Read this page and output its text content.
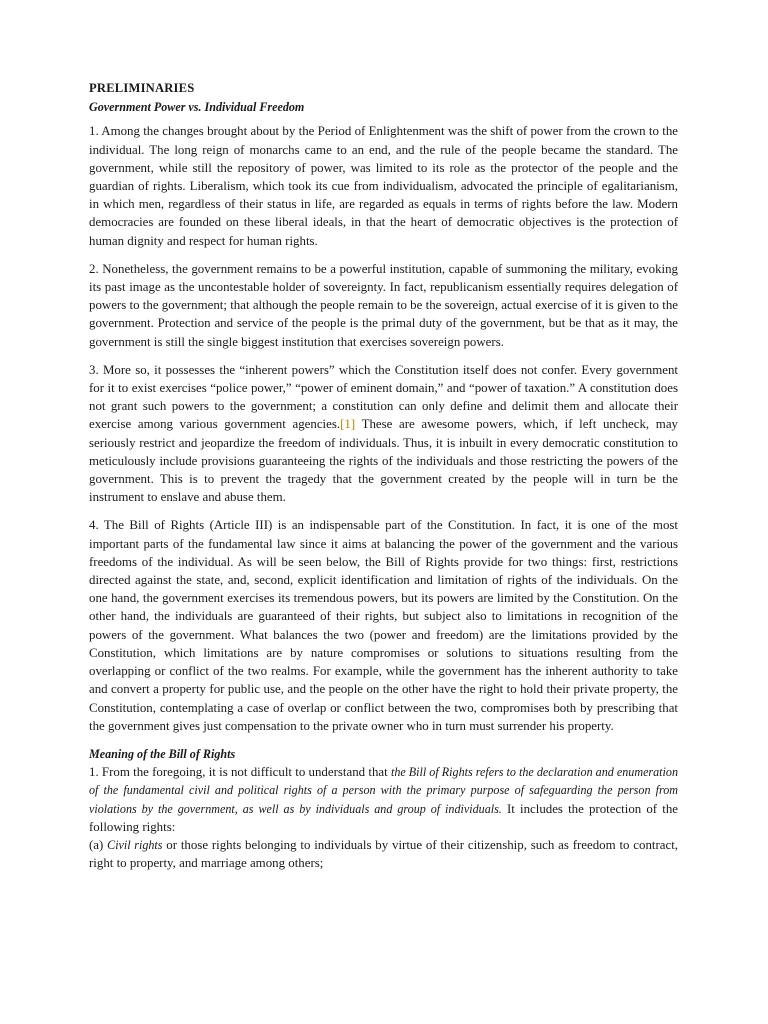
PRELIMINARIES

Government Power vs. Individual Freedom

1. Among the changes brought about by the Period of Enlightenment was the shift of power from the crown to the individual. The long reign of monarchs came to an end, and the rule of the people became the standard. The government, while still the repository of power, was limited to its role as the protector of the people and the guardian of rights. Liberalism, which took its cue from individualism, advocated the principle of egalitarianism, in which men, regardless of their status in life, are regarded as equals in terms of rights before the law. Modern democracies are founded on these liberal ideals, in that the heart of democratic objectives is the protection of human dignity and respect for human rights.

2. Nonetheless, the government remains to be a powerful institution, capable of summoning the military, evoking its past image as the uncontestable holder of sovereignty. In fact, republicanism essentially requires delegation of powers to the government; that although the people remain to be the sovereign, actual exercise of it is given to the government. Protection and service of the people is the primal duty of the government, but be that as it may, the government is still the single biggest institution that exercises sovereign powers.

3. More so, it possesses the “inherent powers” which the Constitution itself does not confer. Every government for it to exist exercises “police power,” “power of eminent domain,” and “power of taxation.” A constitution does not grant such powers to the government; a constitution can only define and delimit them and allocate their exercise among various government agencies.[1] These are awesome powers, which, if left uncheck, may seriously restrict and jeopardize the freedom of individuals. Thus, it is inbuilt in every democratic constitution to meticulously include provisions guaranteeing the rights of the individuals and those restricting the powers of the government. This is to prevent the tragedy that the government created by the people will in turn be the instrument to enslave and abuse them.

4. The Bill of Rights (Article III) is an indispensable part of the Constitution. In fact, it is one of the most important parts of the fundamental law since it aims at balancing the power of the government and the various freedoms of the individual. As will be seen below, the Bill of Rights provide for two things: first, restrictions directed against the state, and, second, explicit identification and limitation of rights of the individuals. On the one hand, the government exercises its tremendous powers, but its powers are limited by the Constitution. On the other hand, the individuals are guaranteed of their rights, but subject also to limitations in recognition of the powers of the government. What balances the two (power and freedom) are the limitations provided by the Constitution, which limitations are by nature compromises or solutions to situations resulting from the overlapping or conflict of the two realms. For example, while the government has the inherent authority to take and convert a property for public use, and the people on the other have the right to hold their private property, the Constitution, contemplating a case of overlap or conflict between the two, compromises both by prescribing that the government gives just compensation to the private owner who in turn must surrender his property.

Meaning of the Bill of Rights

1. From the foregoing, it is not difficult to understand that the Bill of Rights refers to the declaration and enumeration of the fundamental civil and political rights of a person with the primary purpose of safeguarding the person from violations by the government, as well as by individuals and group of individuals. It includes the protection of the following rights:

(a) Civil rights or those rights belonging to individuals by virtue of their citizenship, such as freedom to contract, right to property, and marriage among others;
